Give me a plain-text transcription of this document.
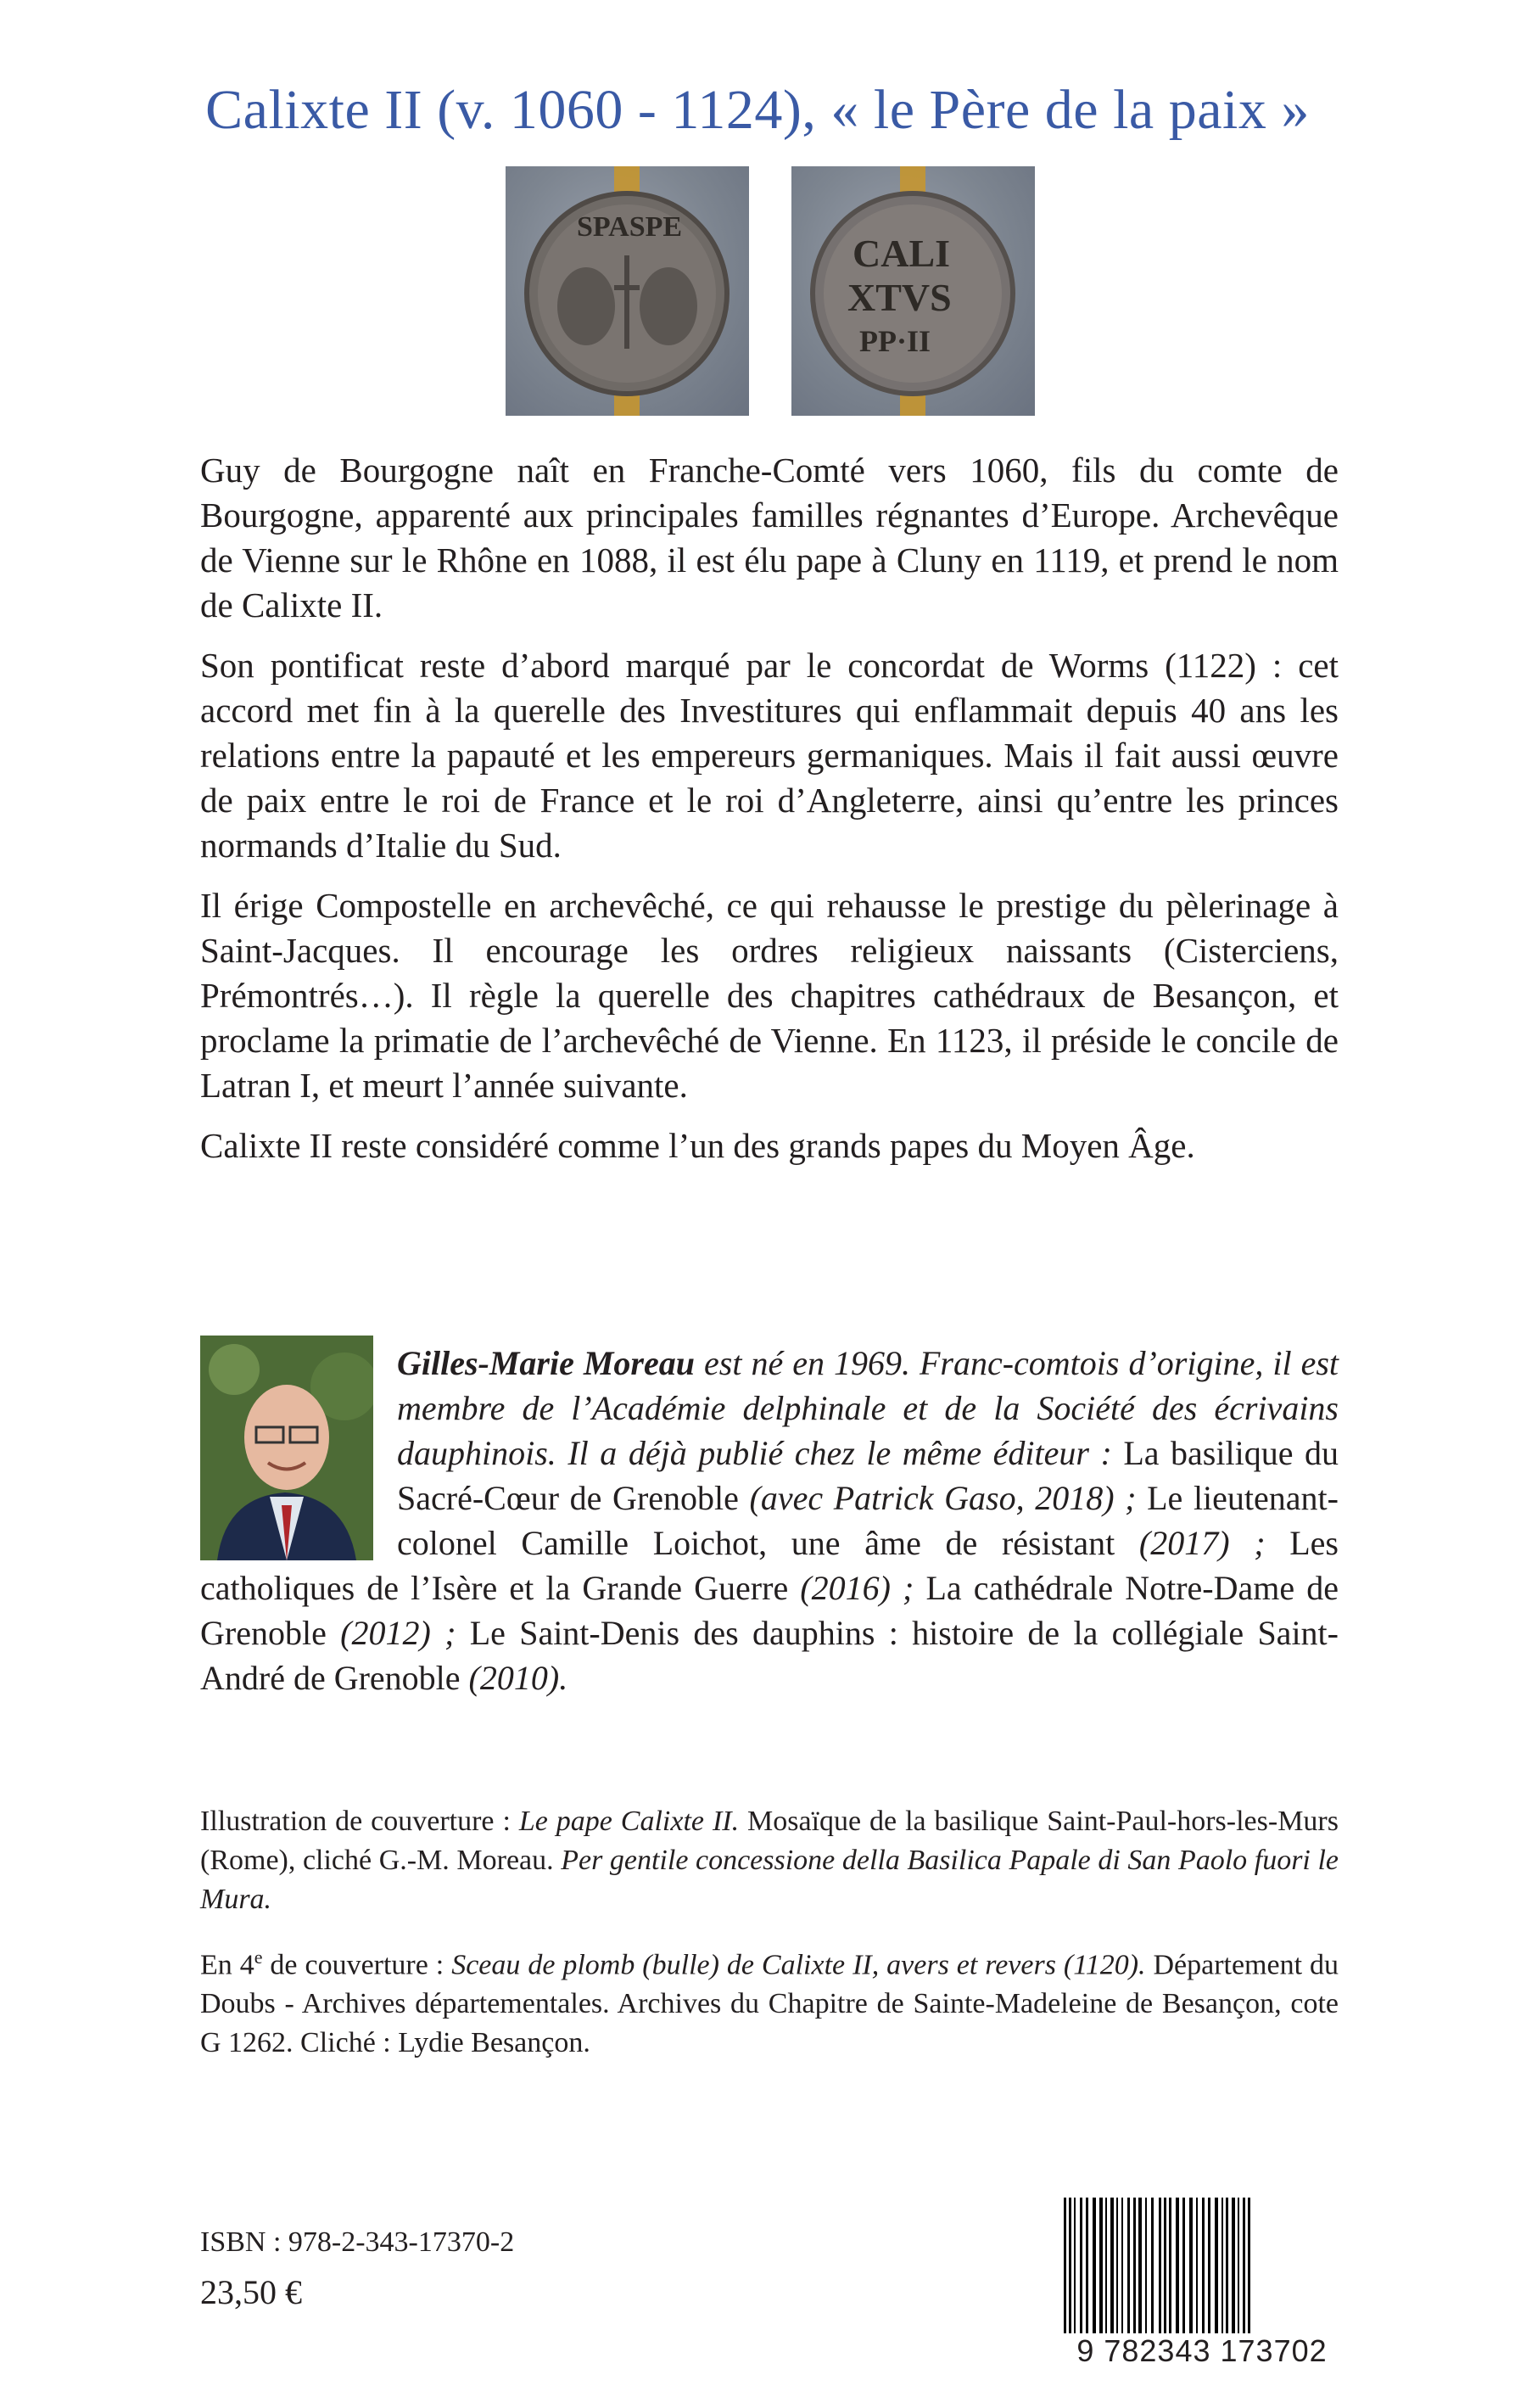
Calixte II (v. 1060 - 1124), « le Père de la paix »
SPASPE
CALI
XTVS
PP·II

Guy de Bourgogne naît en Franche-Comté vers 1060, fils du comte de Bourgogne, apparenté aux principales familles régnantes d’Europe. Archevêque de Vienne sur le Rhône en 1088, il est élu pape à Cluny en 1119, et prend le nom de Calixte II.

Son pontificat reste d’abord marqué par le concordat de Worms (1122) : cet accord met fin à la querelle des Investitures qui enflammait depuis 40 ans les relations entre la papauté et les empereurs germaniques. Mais il fait aussi œuvre de paix entre le roi de France et le roi d’Angleterre, ainsi qu’entre les princes normands d’Italie du Sud.

Il érige Compostelle en archevêché, ce qui rehausse le prestige du pèlerinage à Saint-Jacques. Il encourage les ordres religieux naissants (Cisterciens, Prémontrés…). Il règle la querelle des chapitres cathédraux de Besançon, et proclame la primatie de l’archevêché de Vienne. En 1123, il préside le concile de Latran I, et meurt l’année suivante.

Calixte II reste considéré comme l’un des grands papes du Moyen Âge.

Gilles-Marie Moreau est né en 1969. Franc-comtois d’origine, il est membre de l’Académie delphinale et de la Société des écrivains dauphinois. Il a déjà publié chez le même éditeur : La basilique du Sacré-Cœur de Grenoble (avec Patrick Gaso, 2018) ; Le lieutenant-colonel Camille Loichot, une âme de résistant (2017) ; Les catholiques de l’Isère et la Grande Guerre (2016) ; La cathédrale Notre-Dame de Grenoble (2012) ; Le Saint-Denis des dauphins : histoire de la collégiale Saint-André de Grenoble (2010).

Illustration de couverture : Le pape Calixte II. Mosaïque de la basilique Saint-Paul-hors-les-Murs (Rome), cliché G.-M. Moreau. Per gentile concessione della Basilica Papale di San Paolo fuori le Mura.

En 4e de couverture : Sceau de plomb (bulle) de Calixte II, avers et revers (1120). Département du Doubs - Archives départementales. Archives du Chapitre de Sainte-Madeleine de Besançon, cote G 1262. Cliché : Lydie Besançon.

ISBN : 978-2-343-17370-2
23,50 €
9 782343 173702
